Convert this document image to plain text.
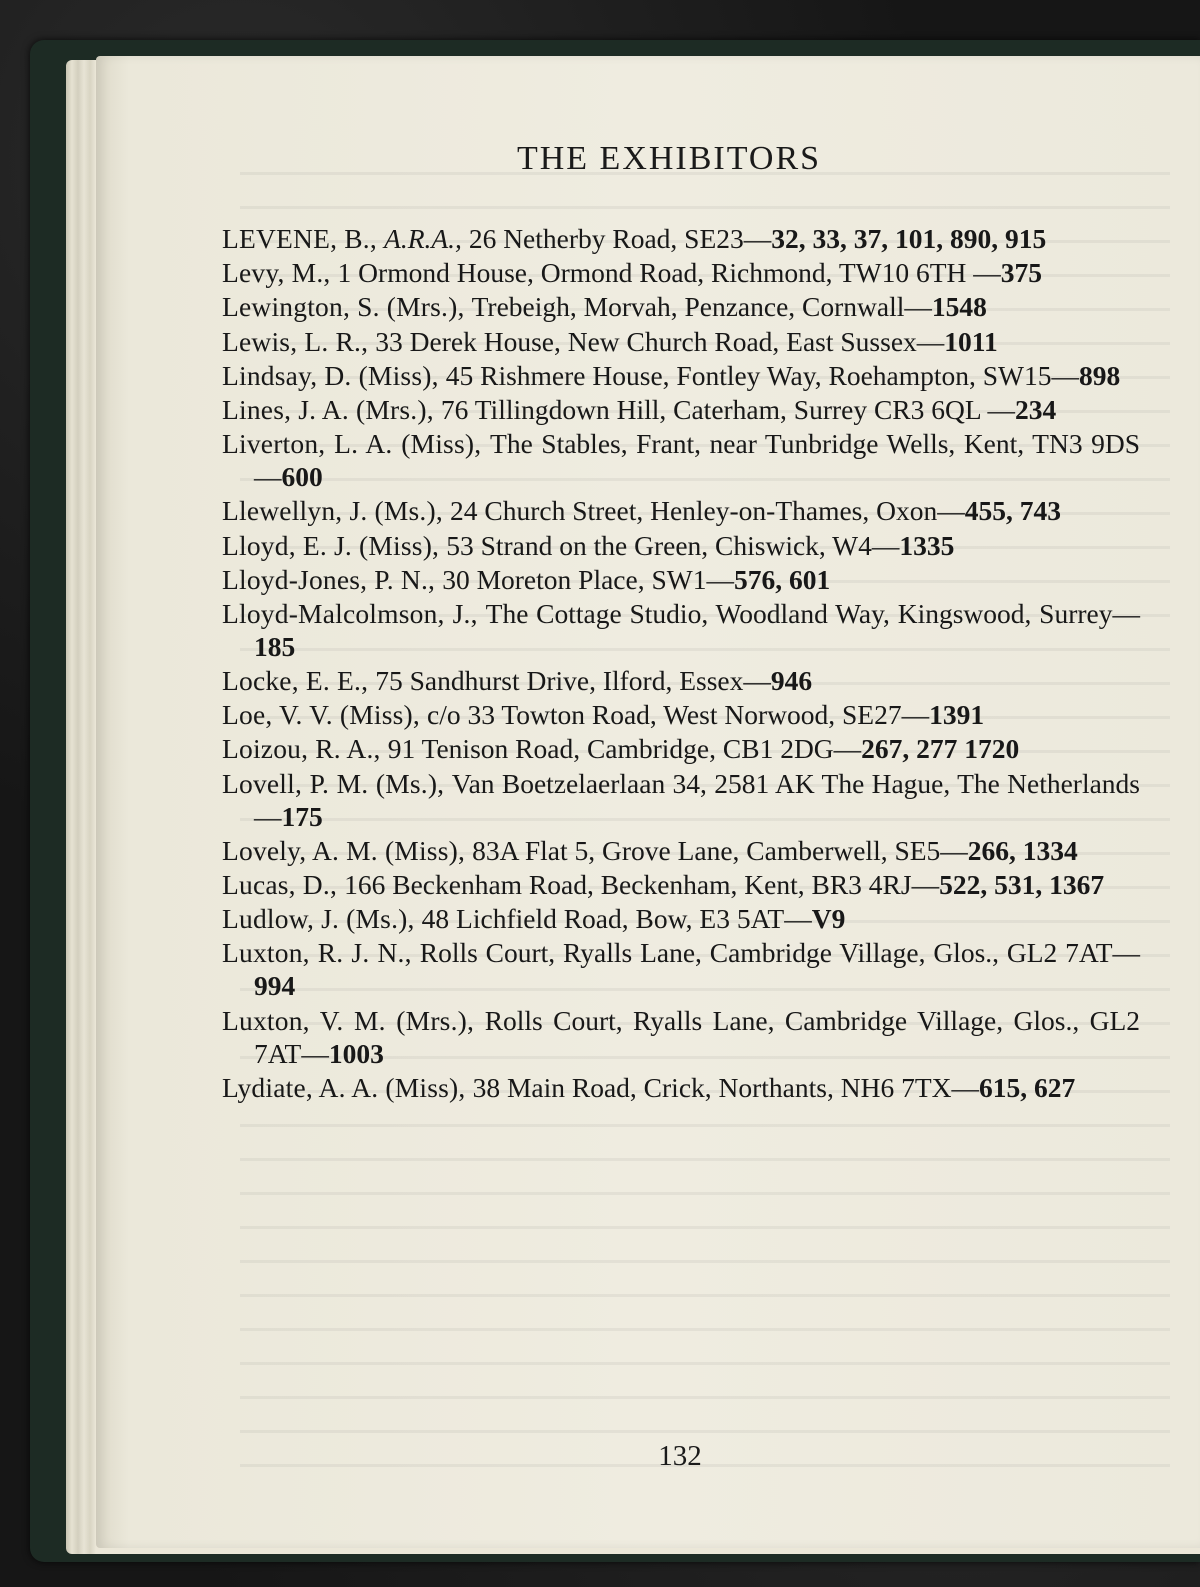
THE EXHIBITORS
LEVENE, B., A.R.A., 26 Netherby Road, SE23—32, 33, 37, 101, 890, 915
Levy, M., 1 Ormond House, Ormond Road, Richmond, TW10 6TH —375
Lewington, S. (Mrs.), Trebeigh, Morvah, Penzance, Cornwall—1548
Lewis, L. R., 33 Derek House, New Church Road, East Sussex—1011
Lindsay, D. (Miss), 45 Rishmere House, Fontley Way, Roehampton, SW15—898
Lines, J. A. (Mrs.), 76 Tillingdown Hill, Caterham, Surrey CR3 6QL —234
Liverton, L. A. (Miss), The Stables, Frant, near Tunbridge Wells, Kent, TN3 9DS—600
Llewellyn, J. (Ms.), 24 Church Street, Henley-on-Thames, Oxon—455, 743
Lloyd, E. J. (Miss), 53 Strand on the Green, Chiswick, W4—1335
Lloyd-Jones, P. N., 30 Moreton Place, SW1—576, 601
Lloyd-Malcolmson, J., The Cottage Studio, Woodland Way, Kingswood, Surrey—185
Locke, E. E., 75 Sandhurst Drive, Ilford, Essex—946
Loe, V. V. (Miss), c/o 33 Towton Road, West Norwood, SE27—1391
Loizou, R. A., 91 Tenison Road, Cambridge, CB1 2DG—267, 277 1720
Lovell, P. M. (Ms.), Van Boetzelaerlaan 34, 2581 AK The Hague, The Netherlands—175
Lovely, A. M. (Miss), 83A Flat 5, Grove Lane, Camberwell, SE5—266, 1334
Lucas, D., 166 Beckenham Road, Beckenham, Kent, BR3 4RJ—522, 531, 1367
Ludlow, J. (Ms.), 48 Lichfield Road, Bow, E3 5AT—V9
Luxton, R. J. N., Rolls Court, Ryalls Lane, Cambridge Village, Glos., GL2 7AT—994
Luxton, V. M. (Mrs.), Rolls Court, Ryalls Lane, Cambridge Village, Glos., GL2 7AT—1003
Lydiate, A. A. (Miss), 38 Main Road, Crick, Northants, NH6 7TX—615, 627

132
